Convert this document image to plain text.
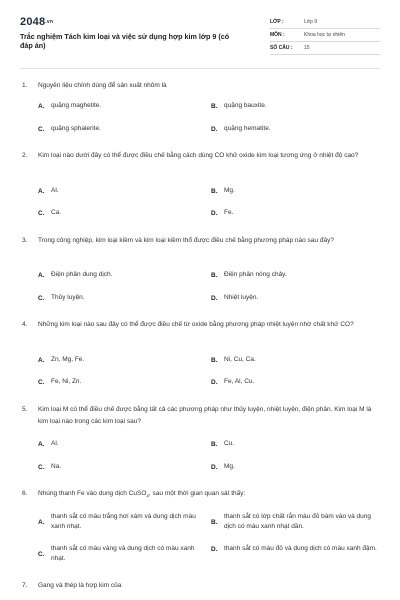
2048.vn
Trắc nghiệm Tách kim loại và việc sử dụng hợp kim lớp 9 (có đáp án)
LỚP :	Lớp 9
MÔN :	Khoa học tự nhiên
SỐ CÂU :	15
1.	Nguyên liệu chính dùng để sản xuất nhôm là
A.	quặng maghetite.	B.	quặng bauxite.
C.	quặng sphalerite.	D.	quặng hematite.
2.	Kim loại nào dưới đây có thể được điều chế bằng cách dùng CO khử oxide kim loại tương ứng ở nhiệt độ cao?
A.	Al.	B.	Mg.
C.	Ca.	D.	Fe.
3.	Trong công nghiệp, kim loại kiềm và kim loại kiềm thổ được điều chế bằng phương pháp nào sau đây?
A.	Điện phân dung dịch.	B.	Điện phân nóng chảy.
C.	Thủy luyện.	D.	Nhiệt luyện.
4.	Những kim loại nào sau đây có thể được điều chế từ oxide bằng phương pháp nhiệt luyện nhờ chất khử CO?
A.	Zn, Mg, Fe.	B.	Ni, Cu, Ca.
C.	Fe, Ni, Zn.	D.	Fe, Al, Cu.
5.	Kim loại M có thể điều chế được bằng tất cả các phương pháp như thủy luyện, nhiệt luyện, điện phân. Kim loại M là kim loại nào trong các kim loại sau?
A.	Al.	B.	Cu.
C.	Na.	D.	Mg.
6.	Nhúng thanh Fe vào dung dịch CuSO$_4$, sau một thời gian quan sát thấy:
A.
thanh sắt có màu trắng hơi xám và dung dịch màu xanh nhạt.
B.
thanh sắt có lớp chất rắn màu đỏ bám vào và dung dịch có màu xanh nhạt dần.
C.
thanh sắt có màu vàng và dung dịch có màu xanh nhạt.
D.	thanh sắt có màu đỏ và dung dịch có màu xanh đậm.
7.	Gang và thép là hợp kim của
